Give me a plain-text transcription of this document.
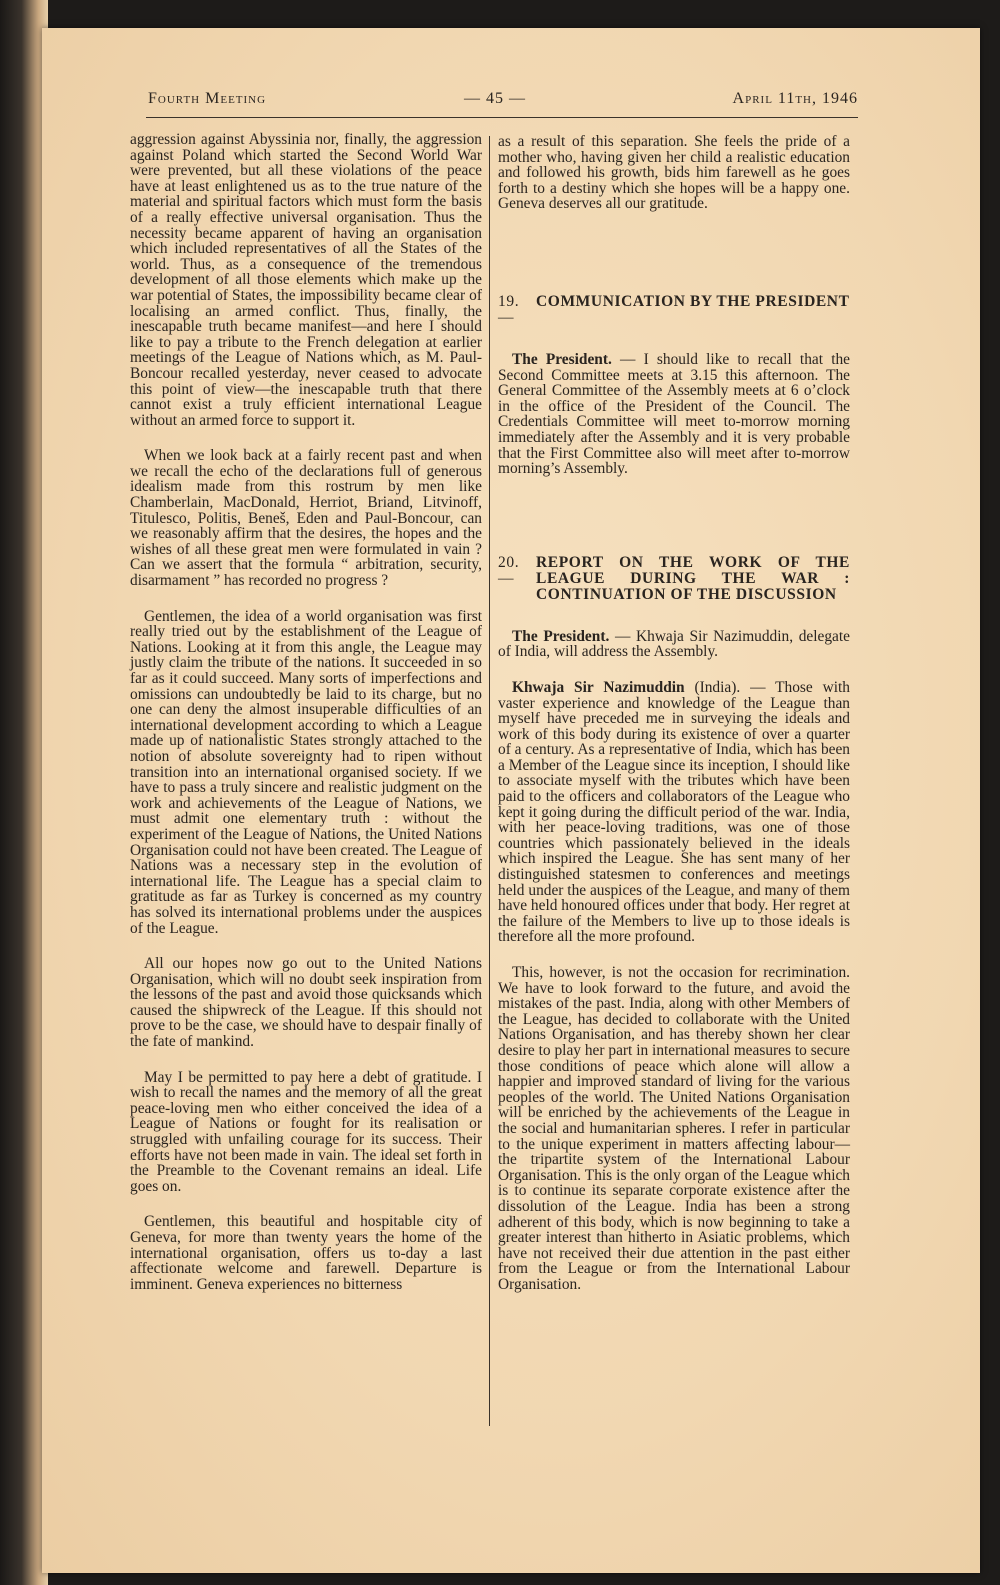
Fourth Meeting	— 45 —	April 11th, 1946

aggression against Abyssinia nor, finally, the aggression against Poland which started the Second World War were prevented, but all these violations of the peace have at least enlightened us as to the true nature of the material and spiritual factors which must form the basis of a really effective universal organisation. Thus the necessity became apparent of having an organisation which included representatives of all the States of the world. Thus, as a consequence of the tremendous development of all those elements which make up the war potential of States, the impossibility became clear of localising an armed conflict. Thus, finally, the inescapable truth became manifest—and here I should like to pay a tribute to the French delegation at earlier meetings of the League of Nations which, as M. Paul-Boncour recalled yesterday, never ceased to advocate this point of view—the inescapable truth that there cannot exist a truly efficient international League without an armed force to support it.

When we look back at a fairly recent past and when we recall the echo of the declarations full of generous idealism made from this rostrum by men like Chamberlain, MacDonald, Herriot, Briand, Litvinoff, Titulesco, Politis, Beneš, Eden and Paul-Boncour, can we reasonably affirm that the desires, the hopes and the wishes of all these great men were formulated in vain ? Can we assert that the formula “ arbitration, security, disarmament ” has recorded no progress ?

Gentlemen, the idea of a world organisation was first really tried out by the establishment of the League of Nations. Looking at it from this angle, the League may justly claim the tribute of the nations. It succeeded in so far as it could succeed. Many sorts of imperfections and omissions can undoubtedly be laid to its charge, but no one can deny the almost insuperable difficulties of an international development according to which a League made up of nationalistic States strongly attached to the notion of absolute sovereignty had to ripen without transition into an international organised society. If we have to pass a truly sincere and realistic judgment on the work and achievements of the League of Nations, we must admit one elementary truth : without the experiment of the League of Nations, the United Nations Organisation could not have been created. The League of Nations was a necessary step in the evolution of international life. The League has a special claim to gratitude as far as Turkey is concerned as my country has solved its international problems under the auspices of the League.

All our hopes now go out to the United Nations Organisation, which will no doubt seek inspiration from the lessons of the past and avoid those quicksands which caused the shipwreck of the League. If this should not prove to be the case, we should have to despair finally of the fate of mankind.

May I be permitted to pay here a debt of gratitude. I wish to recall the names and the memory of all the great peace-loving men who either conceived the idea of a League of Nations or fought for its realisation or struggled with unfailing courage for its success. Their efforts have not been made in vain. The ideal set forth in the Preamble to the Covenant remains an ideal. Life goes on.

Gentlemen, this beautiful and hospitable city of Geneva, for more than twenty years the home of the international organisation, offers us to-day a last affectionate welcome and farewell. Departure is imminent. Geneva experiences no bitterness

as a result of this separation. She feels the pride of a mother who, having given her child a realistic education and followed his growth, bids him farewell as he goes forth to a destiny which she hopes will be a happy one. Geneva deserves all our gratitude.

19. —
COMMUNICATION BY THE PRESIDENT

The President. — I should like to recall that the Second Committee meets at 3.15 this afternoon. The General Committee of the Assembly meets at 6 o’clock in the office of the President of the Council. The Credentials Committee will meet to-morrow morning immediately after the Assembly and it is very probable that the First Committee also will meet after to-morrow morning’s Assembly.

20. —
REPORT ON THE WORK OF THE LEAGUE DURING THE WAR : CONTINUATION OF THE DISCUSSION

The President. — Khwaja Sir Nazimuddin, delegate of India, will address the Assembly.

Khwaja Sir Nazimuddin (India). — Those with vaster experience and knowledge of the League than myself have preceded me in surveying the ideals and work of this body during its existence of over a quarter of a century. As a representative of India, which has been a Member of the League since its inception, I should like to associate myself with the tributes which have been paid to the officers and collaborators of the League who kept it going during the difficult period of the war. India, with her peace-loving traditions, was one of those countries which passionately believed in the ideals which inspired the League. She has sent many of her distinguished statesmen to conferences and meetings held under the auspices of the League, and many of them have held honoured offices under that body. Her regret at the failure of the Members to live up to those ideals is therefore all the more profound.

This, however, is not the occasion for recrimination. We have to look forward to the future, and avoid the mistakes of the past. India, along with other Members of the League, has decided to collaborate with the United Nations Organisation, and has thereby shown her clear desire to play her part in international measures to secure those conditions of peace which alone will allow a happier and improved standard of living for the various peoples of the world. The United Nations Organisation will be enriched by the achievements of the League in the social and humanitarian spheres. I refer in particular to the unique experiment in matters affecting labour—the tripartite system of the International Labour Organisation. This is the only organ of the League which is to continue its separate corporate existence after the dissolution of the League. India has been a strong adherent of this body, which is now beginning to take a greater interest than hitherto in Asiatic problems, which have not received their due attention in the past either from the League or from the International Labour Organisation.
